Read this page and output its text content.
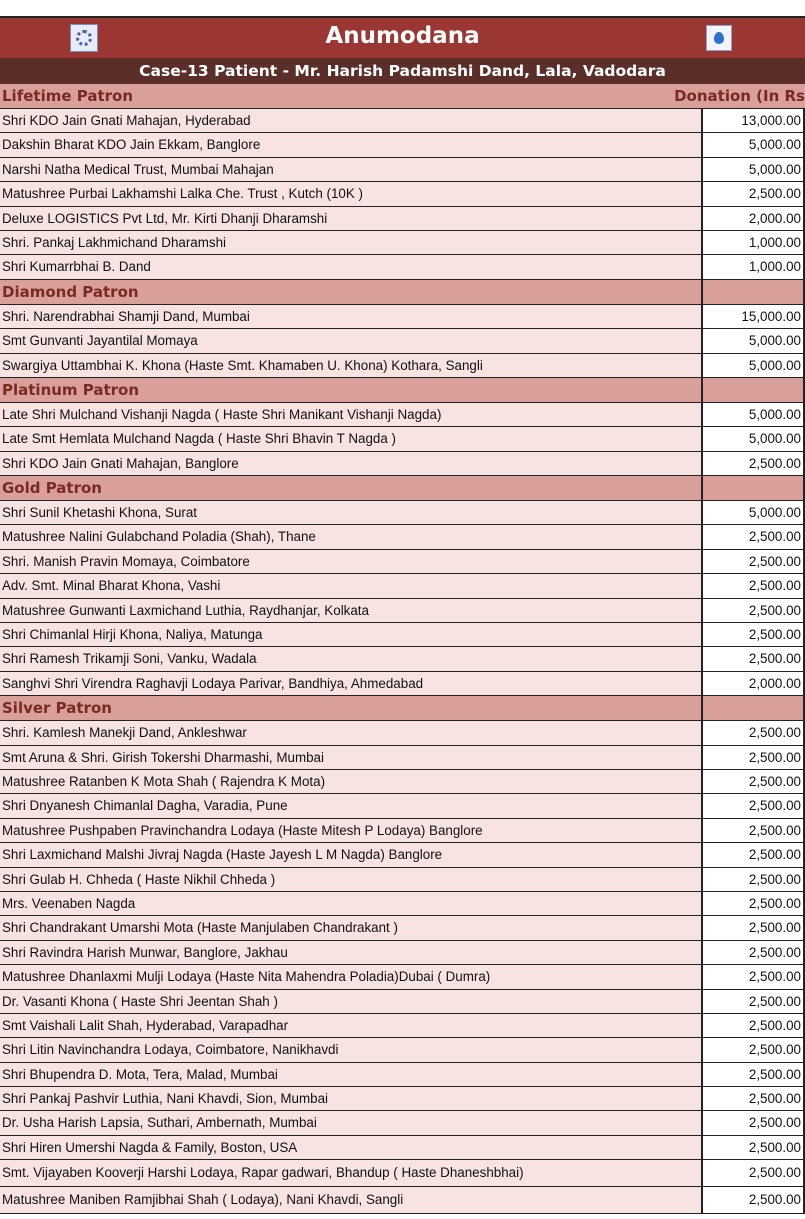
Anumodana
Case-13 Patient - Mr. Harish Padamshi Dand, Lala, Vadodara
Lifetime Patron	Donation (In Rs
Shri KDO Jain Gnati Mahajan, Hyderabad	13,000.00
Dakshin Bharat KDO Jain Ekkam, Banglore	5,000.00
Narshi Natha Medical Trust, Mumbai Mahajan	5,000.00
Matushree Purbai Lakhamshi Lalka Che. Trust , Kutch (10K )	2,500.00
Deluxe LOGISTICS Pvt Ltd, Mr. Kirti Dhanji Dharamshi	2,000.00
Shri. Pankaj Lakhmichand Dharamshi	1,000.00
Shri Kumarrbhai B. Dand	1,000.00
Diamond Patron
Shri. Narendrabhai Shamji Dand, Mumbai	15,000.00
Smt Gunvanti Jayantilal Momaya	5,000.00
Swargiya Uttambhai K. Khona (Haste Smt. Khamaben U. Khona) Kothara, Sangli	5,000.00
Platinum Patron
Late Shri Mulchand Vishanji Nagda ( Haste Shri Manikant Vishanji Nagda)	5,000.00
Late Smt Hemlata Mulchand Nagda ( Haste Shri Bhavin T Nagda )	5,000.00
Shri KDO Jain Gnati Mahajan, Banglore	2,500.00
Gold Patron
Shri Sunil Khetashi Khona, Surat	5,000.00
Matushree Nalini Gulabchand Poladia (Shah), Thane	2,500.00
Shri. Manish Pravin Momaya, Coimbatore	2,500.00
Adv. Smt. Minal Bharat Khona, Vashi	2,500.00
Matushree Gunwanti Laxmichand Luthia, Raydhanjar, Kolkata	2,500.00
Shri Chimanlal Hirji Khona, Naliya, Matunga	2,500.00
Shri Ramesh Trikamji Soni, Vanku, Wadala	2,500.00
Sanghvi Shri Virendra Raghavji Lodaya Parivar, Bandhiya, Ahmedabad	2,000.00
Silver Patron
Shri. Kamlesh Manekji Dand, Ankleshwar	2,500.00
Smt Aruna & Shri. Girish Tokershi Dharmashi, Mumbai	2,500.00
Matushree Ratanben K Mota Shah ( Rajendra K Mota)	2,500.00
Shri Dnyanesh Chimanlal Dagha, Varadia, Pune	2,500.00
Matushree Pushpaben Pravinchandra Lodaya (Haste Mitesh P Lodaya) Banglore	2,500.00
Shri Laxmichand Malshi Jivraj Nagda (Haste Jayesh L M Nagda) Banglore	2,500.00
Shri Gulab H. Chheda ( Haste Nikhil Chheda )	2,500.00
Mrs. Veenaben Nagda	2,500.00
Shri Chandrakant Umarshi Mota (Haste Manjulaben Chandrakant )	2,500.00
Shri Ravindra Harish Munwar, Banglore, Jakhau	2,500.00
Matushree Dhanlaxmi Mulji Lodaya (Haste Nita Mahendra Poladia)Dubai ( Dumra)	2,500.00
Dr. Vasanti Khona ( Haste Shri Jeentan Shah )	2,500.00
Smt Vaishali Lalit Shah, Hyderabad, Varapadhar	2,500.00
Shri Litin Navinchandra Lodaya, Coimbatore, Nanikhavdi	2,500.00
Shri Bhupendra D. Mota, Tera, Malad, Mumbai	2,500.00
Shri Pankaj Pashvir Luthia, Nani Khavdi, Sion, Mumbai	2,500.00
Dr. Usha Harish Lapsia, Suthari, Ambernath, Mumbai	2,500.00
Shri Hiren Umershi Nagda & Family, Boston, USA	2,500.00
Smt. Vijayaben Kooverji Harshi Lodaya, Rapar gadwari, Bhandup ( Haste Dhaneshbhai)	2,500.00
Matushree Maniben Ramjibhai Shah ( Lodaya), Nani Khavdi, Sangli	2,500.00
